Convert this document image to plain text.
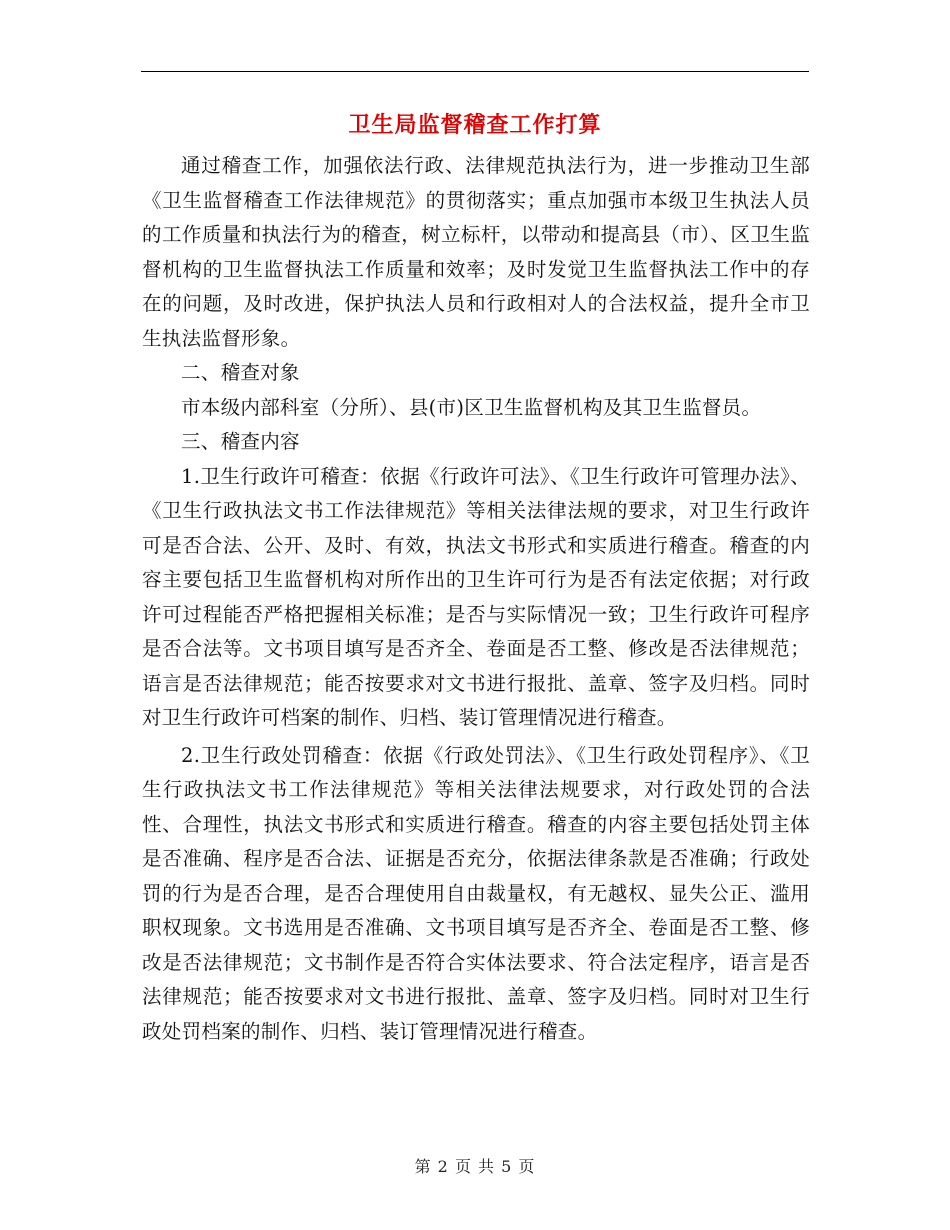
卫生局监督稽查工作打算

通过稽查工作，加强依法行政、法律规范执法行为，进一步推动卫生部《卫生监督稽查工作法律规范》的贯彻落实；重点加强市本级卫生执法人员的工作质量和执法行为的稽查，树立标杆，以带动和提高县（市）、区卫生监督机构的卫生监督执法工作质量和效率；及时发觉卫生监督执法工作中的存在的问题，及时改进，保护执法人员和行政相对人的合法权益，提升全市卫生执法监督形象。

二、稽查对象

市本级内部科室（分所）、县(市)区卫生监督机构及其卫生监督员。

三、稽查内容

1.卫生行政许可稽查：依据《行政许可法》、《卫生行政许可管理办法》、《卫生行政执法文书工作法律规范》等相关法律法规的要求，对卫生行政许可是否合法、公开、及时、有效，执法文书形式和实质进行稽查。稽查的内容主要包括卫生监督机构对所作出的卫生许可行为是否有法定依据；对行政许可过程能否严格把握相关标准；是否与实际情况一致；卫生行政许可程序是否合法等。文书项目填写是否齐全、卷面是否工整、修改是否法律规范；语言是否法律规范；能否按要求对文书进行报批、盖章、签字及归档。同时对卫生行政许可档案的制作、归档、装订管理情况进行稽查。

2.卫生行政处罚稽查：依据《行政处罚法》、《卫生行政处罚程序》、《卫生行政执法文书工作法律规范》等相关法律法规要求，对行政处罚的合法性、合理性，执法文书形式和实质进行稽查。稽查的内容主要包括处罚主体是否准确、程序是否合法、证据是否充分，依据法律条款是否准确；行政处罚的行为是否合理，是否合理使用自由裁量权，有无越权、显失公正、滥用职权现象。文书选用是否准确、文书项目填写是否齐全、卷面是否工整、修改是否法律规范；文书制作是否符合实体法要求、符合法定程序，语言是否法律规范；能否按要求对文书进行报批、盖章、签字及归档。同时对卫生行政处罚档案的制作、归档、装订管理情况进行稽查。

第 2 页 共 5 页
